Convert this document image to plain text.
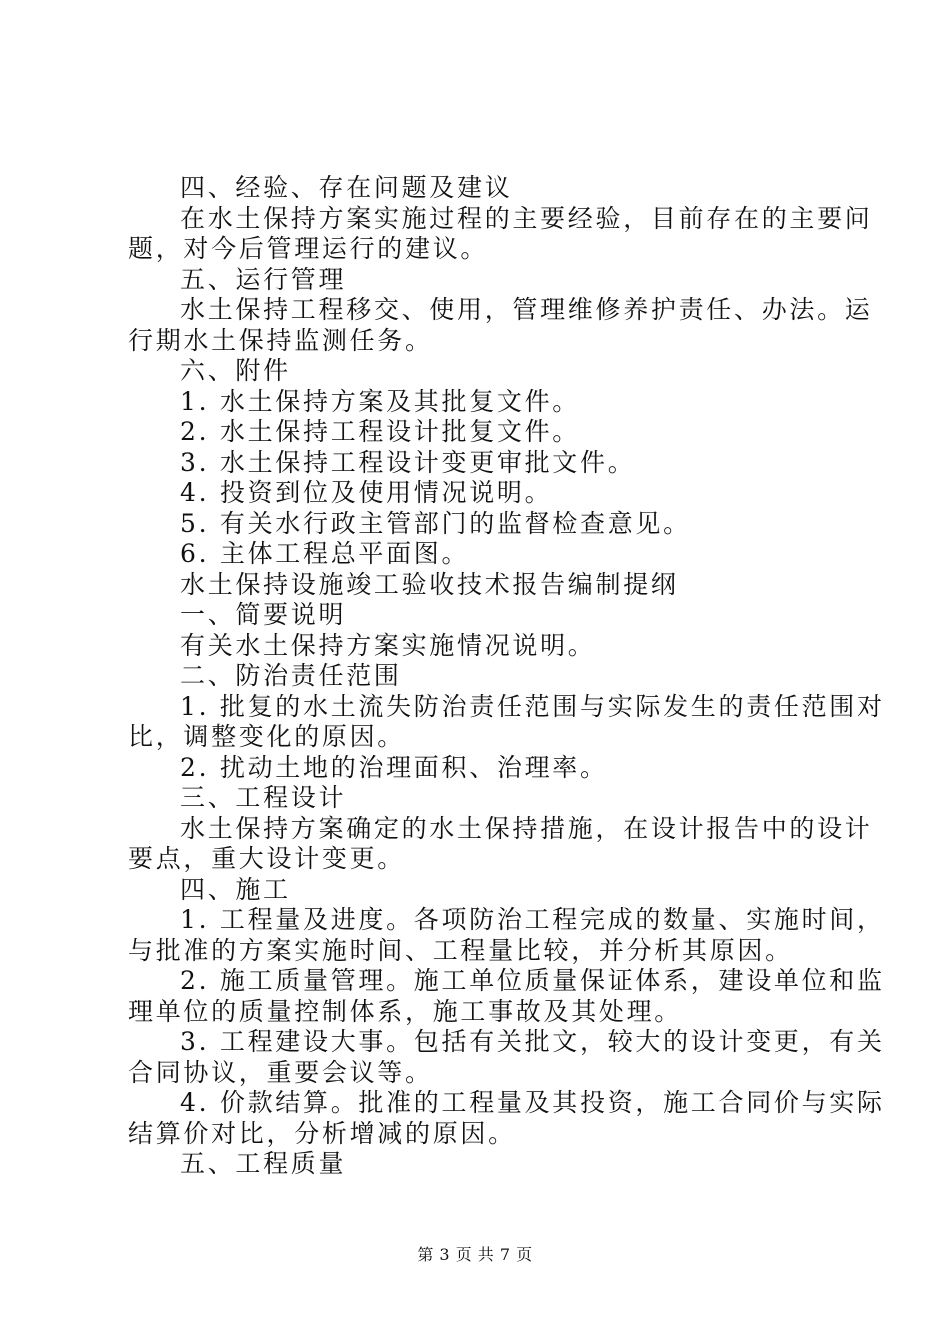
四、经验、存在问题及建议
在水土保持方案实施过程的主要经验，目前存在的主要问
题，对今后管理运行的建议。
五、运行管理
水土保持工程移交、使用，管理维修养护责任、办法。运
行期水土保持监测任务。
六、附件
1. 水土保持方案及其批复文件。
2. 水土保持工程设计批复文件。
3. 水土保持工程设计变更审批文件。
4. 投资到位及使用情况说明。
5. 有关水行政主管部门的监督检查意见。
6. 主体工程总平面图。
水土保持设施竣工验收技术报告编制提纲
一、简要说明
有关水土保持方案实施情况说明。
二、防治责任范围
1. 批复的水土流失防治责任范围与实际发生的责任范围对
比，调整变化的原因。
2. 扰动土地的治理面积、治理率。
三、工程设计
水土保持方案确定的水土保持措施，在设计报告中的设计
要点，重大设计变更。
四、施工
1. 工程量及进度。各项防治工程完成的数量、实施时间，
与批准的方案实施时间、工程量比较，并分析其原因。
2. 施工质量管理。施工单位质量保证体系，建设单位和监
理单位的质量控制体系，施工事故及其处理。
3. 工程建设大事。包括有关批文，较大的设计变更，有关
合同协议，重要会议等。
4. 价款结算。批准的工程量及其投资，施工合同价与实际
结算价对比，分析增减的原因。
五、工程质量
第 3 页 共 7 页
